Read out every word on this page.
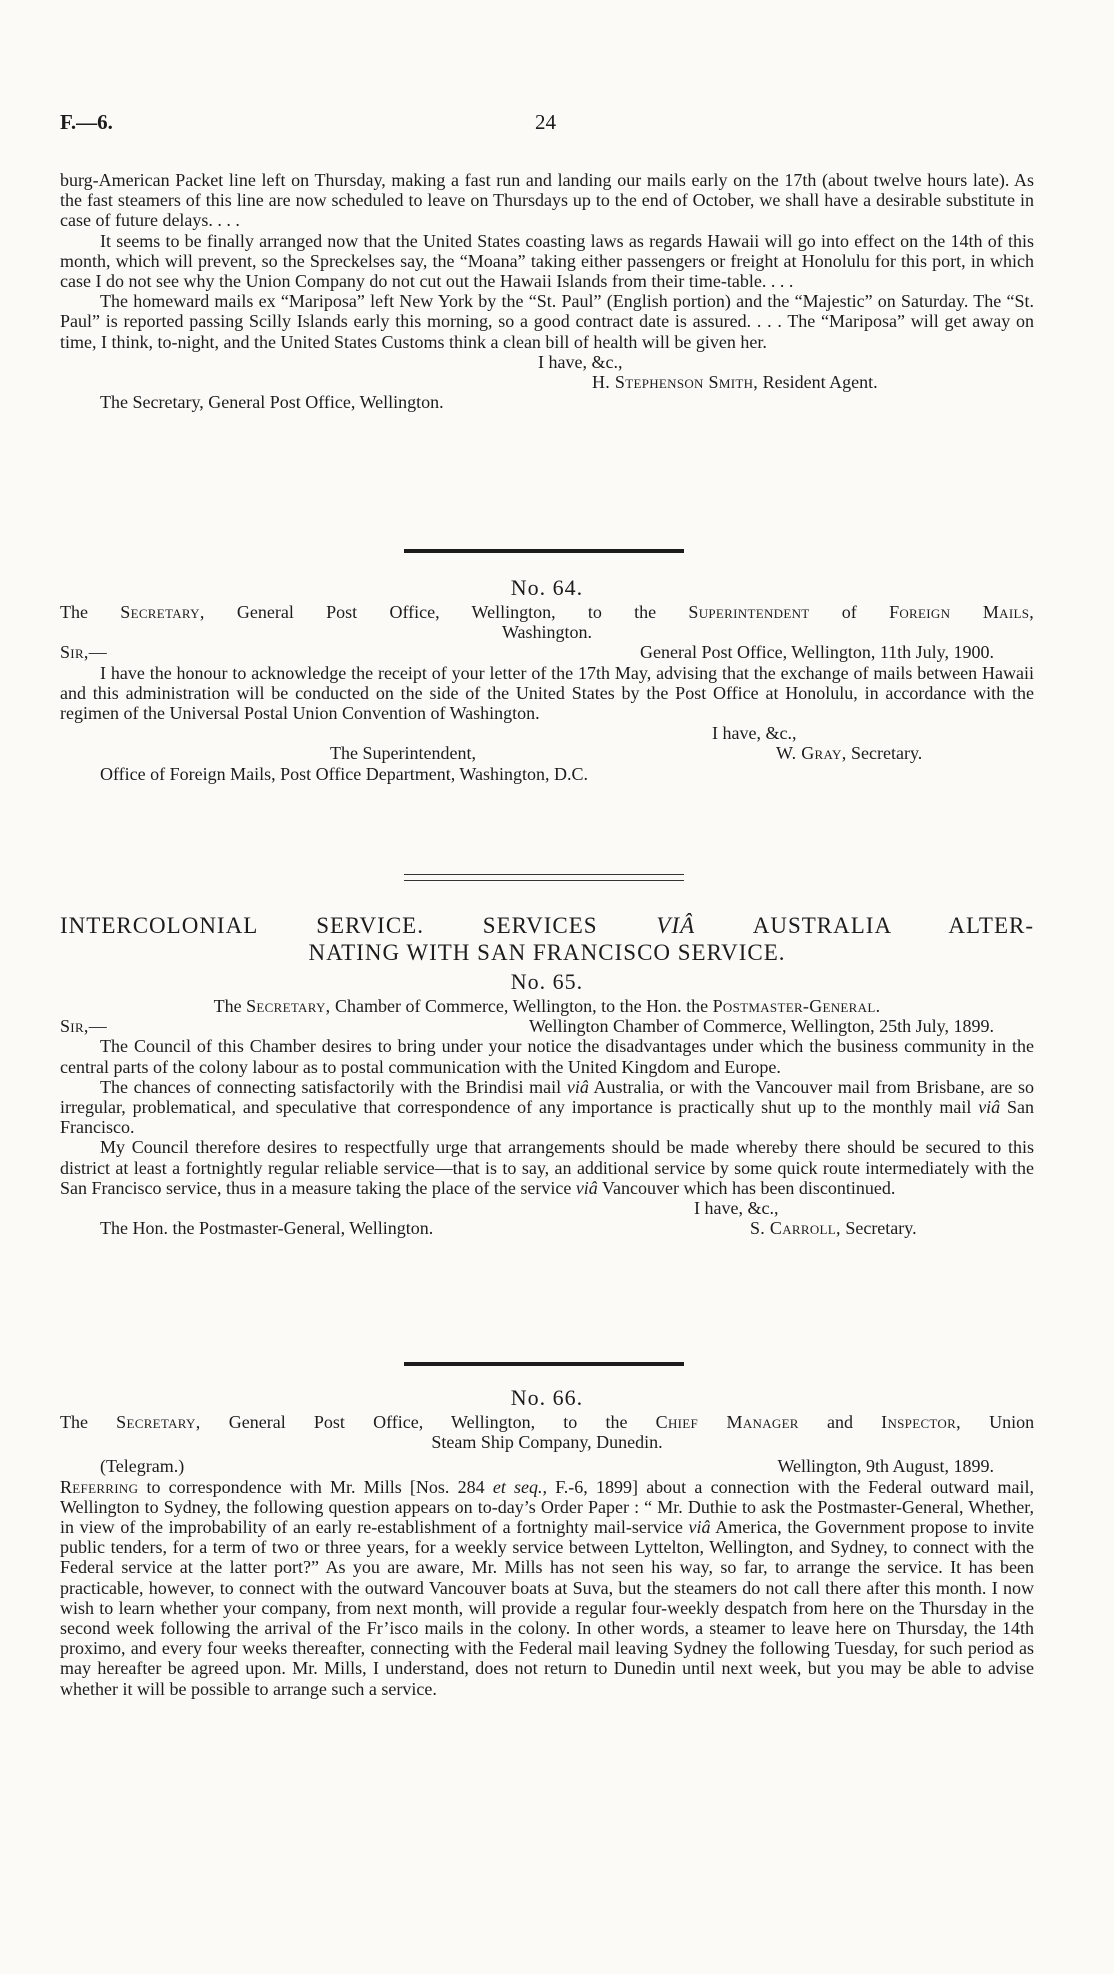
F.—6.	24

burg-American Packet line left on Thursday, making a fast run and landing our mails early on the 17th (about twelve hours late). As the fast steamers of this line are now scheduled to leave on Thursdays up to the end of October, we shall have a desirable substitute in case of future delays. . . .

It seems to be finally arranged now that the United States coasting laws as regards Hawaii will go into effect on the 14th of this month, which will prevent, so the Spreckelses say, the “Moana” taking either passengers or freight at Honolulu for this port, in which case I do not see why the Union Company do not cut out the Hawaii Islands from their time-table. . . .

The homeward mails ex “Mariposa” left New York by the “St. Paul” (English portion) and the “Majestic” on Saturday. The “St. Paul” is reported passing Scilly Islands early this morning, so a good contract date is assured. . . . The “Mariposa” will get away on time, I think, to-night, and the United States Customs think a clean bill of health will be given her.

I have, &c.,
H. Stephenson Smith, Resident Agent.
The Secretary, General Post Office, Wellington.
No. 64.

The Secretary, General Post Office, Wellington, to the Superintendent of Foreign Mails,

Washington.
Sir,—	General Post Office, Wellington, 11th July, 1900.

I have the honour to acknowledge the receipt of your letter of the 17th May, advising that the exchange of mails between Hawaii and this administration will be conducted on the side of the United States by the Post Office at Honolulu, in accordance with the regimen of the Universal Postal Union Convention of Washington.

I have, &c.,
The Superintendent,	W. Gray, Secretary.
Office of Foreign Mails, Post Office Department, Washington, D.C.
INTERCOLONIAL SERVICE. SERVICES	VIÂ	AUSTRALIA ALTER-
NATING WITH SAN FRANCISCO SERVICE.
No. 65.
The Secretary, Chamber of Commerce, Wellington, to the Hon. the Postmaster-General.
Sir,—	Wellington Chamber of Commerce, Wellington, 25th July, 1899.

The Council of this Chamber desires to bring under your notice the disadvantages under which the business community in the central parts of the colony labour as to postal communication with the United Kingdom and Europe.

The chances of connecting satisfactorily with the Brindisi mail viâ Australia, or with the Vancouver mail from Brisbane, are so irregular, problematical, and speculative that correspondence of any importance is practically shut up to the monthly mail viâ San Francisco.

My Council therefore desires to respectfully urge that arrangements should be made whereby there should be secured to this district at least a fortnightly regular reliable service—that is to say, an additional service by some quick route intermediately with the San Francisco service, thus in a measure taking the place of the service viâ Vancouver which has been discontinued.

I have, &c.,
The Hon. the Postmaster-General, Wellington.	S. Carroll, Secretary.
No. 66.

The Secretary, General Post Office, Wellington, to the Chief Manager and Inspector, Union

Steam Ship Company, Dunedin.
(Telegram.)	Wellington, 9th August, 1899.

Referring to correspondence with Mr. Mills [Nos. 284 et seq., F.-6, 1899] about a connection with the Federal outward mail, Wellington to Sydney, the following question appears on to-day’s Order Paper : “ Mr. Duthie to ask the Postmaster-General, Whether, in view of the improbability of an early re-establishment of a fortnighty mail-service viâ America, the Government propose to invite public tenders, for a term of two or three years, for a weekly service between Lyttelton, Wellington, and Sydney, to connect with the Federal service at the latter port?” As you are aware, Mr. Mills has not seen his way, so far, to arrange the service. It has been practicable, however, to connect with the outward Vancouver boats at Suva, but the steamers do not call there after this month. I now wish to learn whether your company, from next month, will provide a regular four-weekly despatch from here on the Thursday in the second week following the arrival of the Fr’isco mails in the colony. In other words, a steamer to leave here on Thursday, the 14th proximo, and every four weeks thereafter, connecting with the Federal mail leaving Sydney the following Tuesday, for such period as may hereafter be agreed upon. Mr. Mills, I understand, does not return to Dunedin until next week, but you may be able to advise whether it will be possible to arrange such a service.
